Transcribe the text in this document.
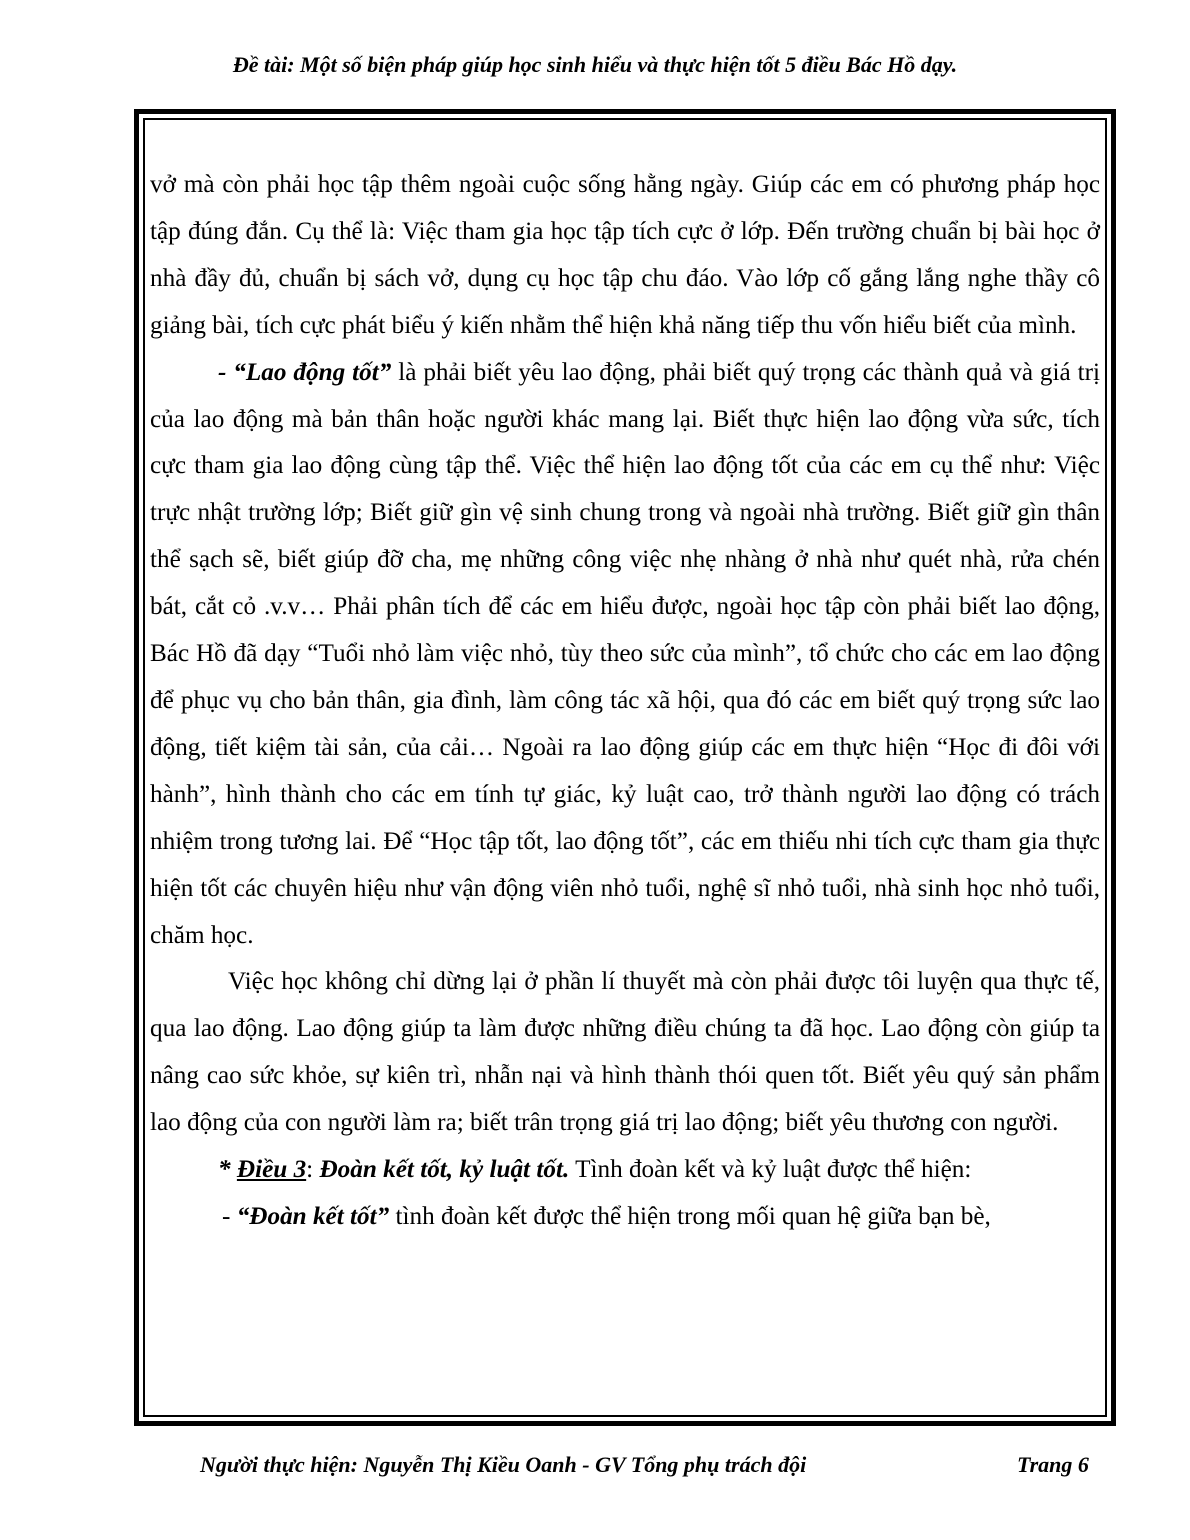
Đề tài: Một số biện pháp giúp học sinh hiểu và thực hiện tốt 5 điều Bác Hồ dạy.

vở mà còn phải học tập thêm ngoài cuộc sống hằng ngày. Giúp các em có phương pháp học tập đúng đắn. Cụ thể là: Việc tham gia học tập tích cực ở lớp. Đến trường chuẩn bị bài học ở nhà đầy đủ, chuẩn bị sách vở, dụng cụ học tập chu đáo. Vào lớp cố gắng lắng nghe thầy cô giảng bài, tích cực phát biểu ý kiến nhằm thể hiện khả năng tiếp thu vốn hiểu biết của mình.

- “Lao động tốt” là phải biết yêu lao động, phải biết quý trọng các thành quả và giá trị của lao động mà bản thân hoặc người khác mang lại. Biết thực hiện lao động vừa sức, tích cực tham gia lao động cùng tập thể. Việc thể hiện lao động tốt của các em cụ thể như: Việc trực nhật trường lớp; Biết giữ gìn vệ sinh chung trong và ngoài nhà trường. Biết giữ gìn thân thể sạch sẽ, biết giúp đỡ cha, mẹ những công việc nhẹ nhàng ở nhà như quét nhà, rửa chén bát, cắt cỏ .v.v… Phải phân tích để các em hiểu được, ngoài học tập còn phải biết lao động, Bác Hồ đã dạy “Tuổi nhỏ làm việc nhỏ, tùy theo sức của mình”, tổ chức cho các em lao động để phục vụ cho bản thân, gia đình, làm công tác xã hội, qua đó các em biết quý trọng sức lao động, tiết kiệm tài sản, của cải… Ngoài ra lao động giúp các em thực hiện “Học đi đôi với hành”, hình thành cho các em tính tự giác, kỷ luật cao, trở thành người lao động có trách nhiệm trong tương lai. Để “Học tập tốt, lao động tốt”, các em thiếu nhi tích cực tham gia thực hiện tốt các chuyên hiệu như vận động viên nhỏ tuổi, nghệ sĩ nhỏ tuổi, nhà sinh học nhỏ tuổi, chăm học.

Việc học không chỉ dừng lại ở phần lí thuyết mà còn phải được tôi luyện qua thực tế, qua lao động. Lao động giúp ta làm được những điều chúng ta đã học. Lao động còn giúp ta nâng cao sức khỏe, sự kiên trì, nhẫn nại và hình thành thói quen tốt. Biết yêu quý sản phẩm lao động của con người làm ra; biết trân trọng giá trị lao động; biết yêu thương con người.

* Điều 3: Đoàn kết tốt, kỷ luật tốt. Tình đoàn kết và kỷ luật được thể hiện:

- “Đoàn kết tốt” tình đoàn kết được thể hiện trong mối quan hệ giữa bạn bè,

Người thực hiện: Nguyễn Thị Kiều Oanh - GV Tổng phụ trách đội	Trang 6
